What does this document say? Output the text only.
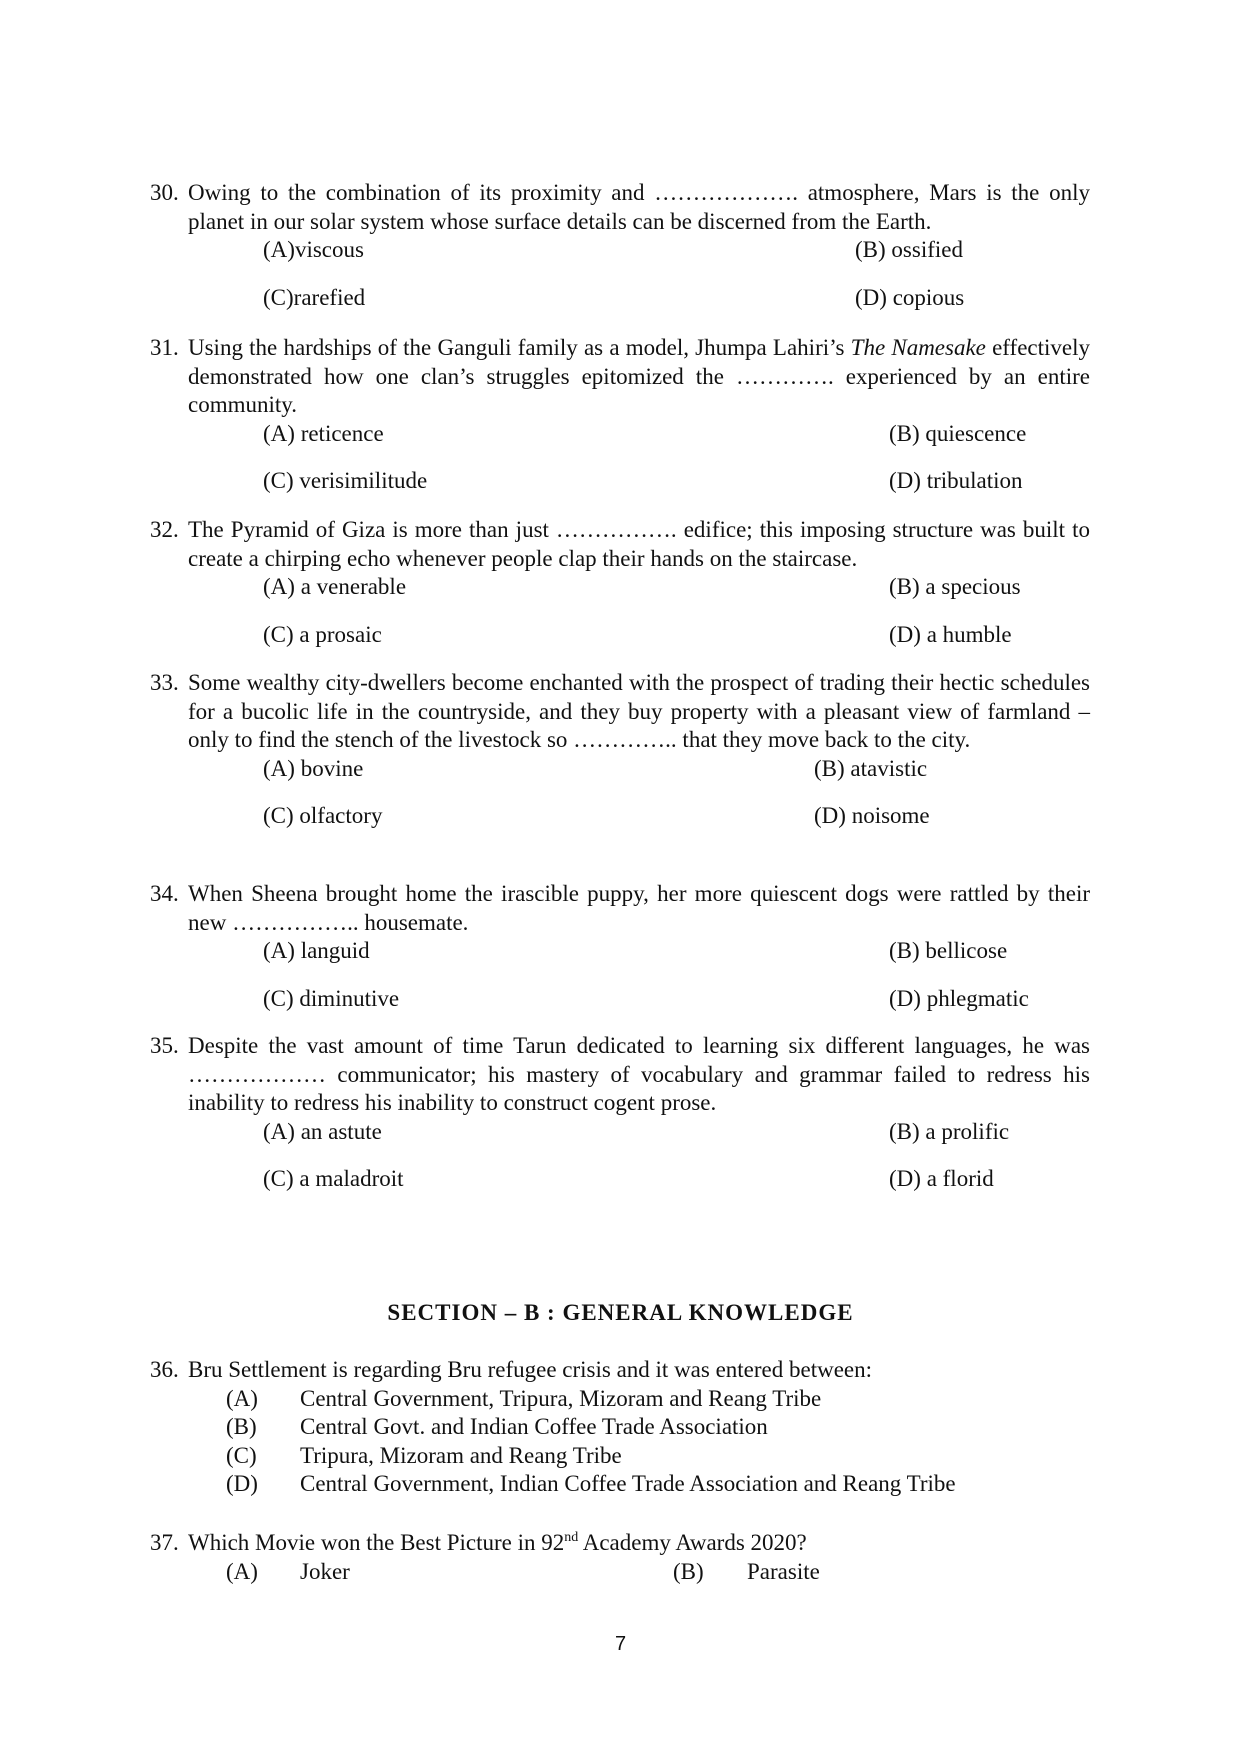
30. Owing to the combination of its proximity and ………………. atmosphere, Mars is the only planet in our solar system whose surface details can be discerned from the Earth.
(A)viscous	(B) ossified
(C)rarefied	(D) copious
31. Using the hardships of the Ganguli family as a model, Jhumpa Lahiri’s The Namesake effectively demonstrated how one clan’s struggles epitomized the …………. experienced by an entire community.
(A) reticence	(B) quiescence
(C) verisimilitude	(D) tribulation
32. The Pyramid of Giza is more than just ……………. edifice; this imposing structure was built to create a chirping echo whenever people clap their hands on the staircase.
(A) a venerable	(B) a specious
(C) a prosaic	(D) a humble
33. Some wealthy city-dwellers become enchanted with the prospect of trading their hectic schedules for a bucolic life in the countryside, and they buy property with a pleasant view of farmland – only to find the stench of the livestock so ………….. that they move back to the city.
(A) bovine	(B) atavistic
(C) olfactory	(D) noisome
34. When Sheena brought home the irascible puppy, her more quiescent dogs were rattled by their new …………….. housemate.
(A) languid	(B) bellicose
(C) diminutive	(D) phlegmatic
35. Despite the vast amount of time Tarun dedicated to learning six different languages, he was ……………… communicator; his mastery of vocabulary and grammar failed to redress his inability to redress his inability to construct cogent prose.
(A) an astute	(B) a prolific
(C) a maladroit	(D) a florid
SECTION – B : GENERAL KNOWLEDGE
36. Bru Settlement is regarding Bru refugee crisis and it was entered between:
(A) Central Government, Tripura, Mizoram and Reang Tribe
(B) Central Govt. and Indian Coffee Trade Association
(C) Tripura, Mizoram and Reang Tribe
(D) Central Government, Indian Coffee Trade Association and Reang Tribe
37. Which Movie won the Best Picture in 92nd Academy Awards 2020?
(A) Joker	(B) Parasite
7
